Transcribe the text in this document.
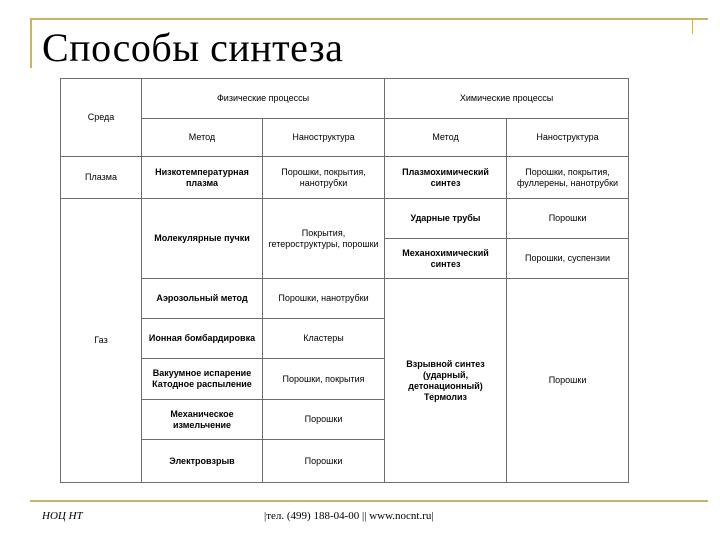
Способы синтеза
Среда	Физические процессы		Химические процессы	
	Метод	Наноструктура	Метод	Наноструктура
Плазма	Низкотемпературная плазма	Порошки, покрытия, нанотрубки	Плазмохимический синтез	Порошки, покрытия, фуллерены, нанотрубки
Газ	Молекулярные пучки	Покрытия, гетероструктуры, порошки	Ударные трубы	Порошки
			Механохимический синтез	Порошки, суспензии
	Аэрозольный метод	Порошки, нанотрубки	Взрывной синтез (ударный, детонационный) Термолиз	Порошки
	Ионная бомбардировка	Кластеры		
	Вакуумное испарение Катодное распыление	Порошки, покрытия		
	Механическое измельчение	Порошки		
	Электровзрыв	Порошки		
НОЦ НТ	|тел. (499) 188-04-00 || www.nocnt.ru|
